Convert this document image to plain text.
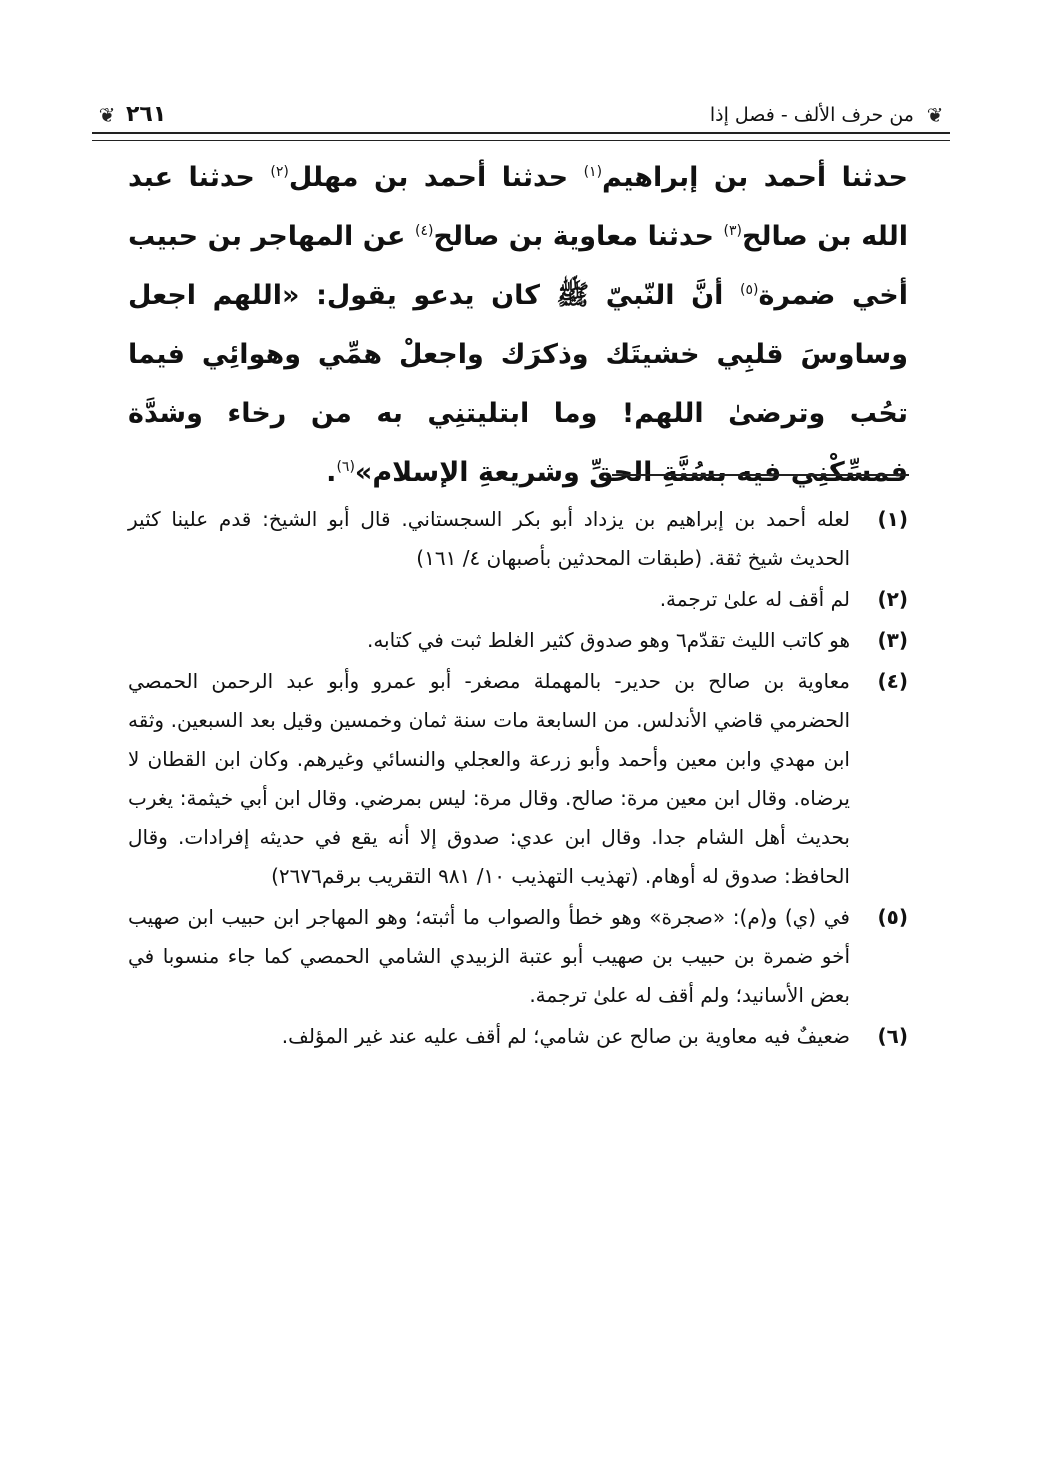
❦
من حرف الألف - فصل إذا
٢٦١
❦

حدثنا أحمد بن إبراهيم$^{(١)}$ حدثنا أحمد بن مهلل$^{(٢)}$ حدثنا عبد الله بن صالح$^{(٣)}$ حدثنا معاوية بن صالح$^{(٤)}$ عن المهاجر بن حبيب أخي ضمرة$^{(٥)}$ أنَّ النّبيّ ﷺ كان يدعو يقول: «اللهم اجعل وساوسَ قلبِي خشيتَك وذكرَك واجعلْ همِّي وهوائِي فيما تحُب وترضىٰ اللهم! وما ابتليتنِي به من رخاء وشدَّة فمسِّكْنِي فيه بسُنَّةِ الحقِّ وشريعةِ الإسلام»$^{(٦)}$.

(١)
لعله أحمد بن إبراهيم بن يزداد أبو بكر السجستاني. قال أبو الشيخ: قدم علينا كثير الحديث شيخ ثقة. (طبقات المحدثين بأصبهان ٤/ ١٦١)
(٢)
لم أقف له علىٰ ترجمة.
(٣)
هو كاتب الليث تقدّم٦ وهو صدوق كثير الغلط ثبت في كتابه.
(٤)
معاوية بن صالح بن حدير- بالمهملة مصغر- أبو عمرو وأبو عبد الرحمن الحمصي الحضرمي قاضي الأندلس. من السابعة مات سنة ثمان وخمسين وقيل بعد السبعين. وثقه ابن مهدي وابن معين وأحمد وأبو زرعة والعجلي والنسائي وغيرهم. وكان ابن القطان لا يرضاه. وقال ابن معين مرة: صالح. وقال مرة: ليس بمرضي. وقال ابن أبي خيثمة: يغرب بحديث أهل الشام جدا. وقال ابن عدي: صدوق إلا أنه يقع في حديثه إفرادات. وقال الحافظ: صدوق له أوهام. (تهذيب التهذيب ١٠/ ٩٨١ التقريب برقم٢٦٧٦)
(٥)
في (ي) و(م): «صجرة» وهو خطأ والصواب ما أثبته؛ وهو المهاجر ابن حبيب ابن صهيب أخو ضمرة بن حبيب بن صهيب أبو عتبة الزبيدي الشامي الحمصي كما جاء منسوبا في بعض الأسانيد؛ ولم أقف له علىٰ ترجمة.
(٦)
ضعيفٌ فيه معاوية بن صالح عن شامي؛ لم أقف عليه عند غير المؤلف.
